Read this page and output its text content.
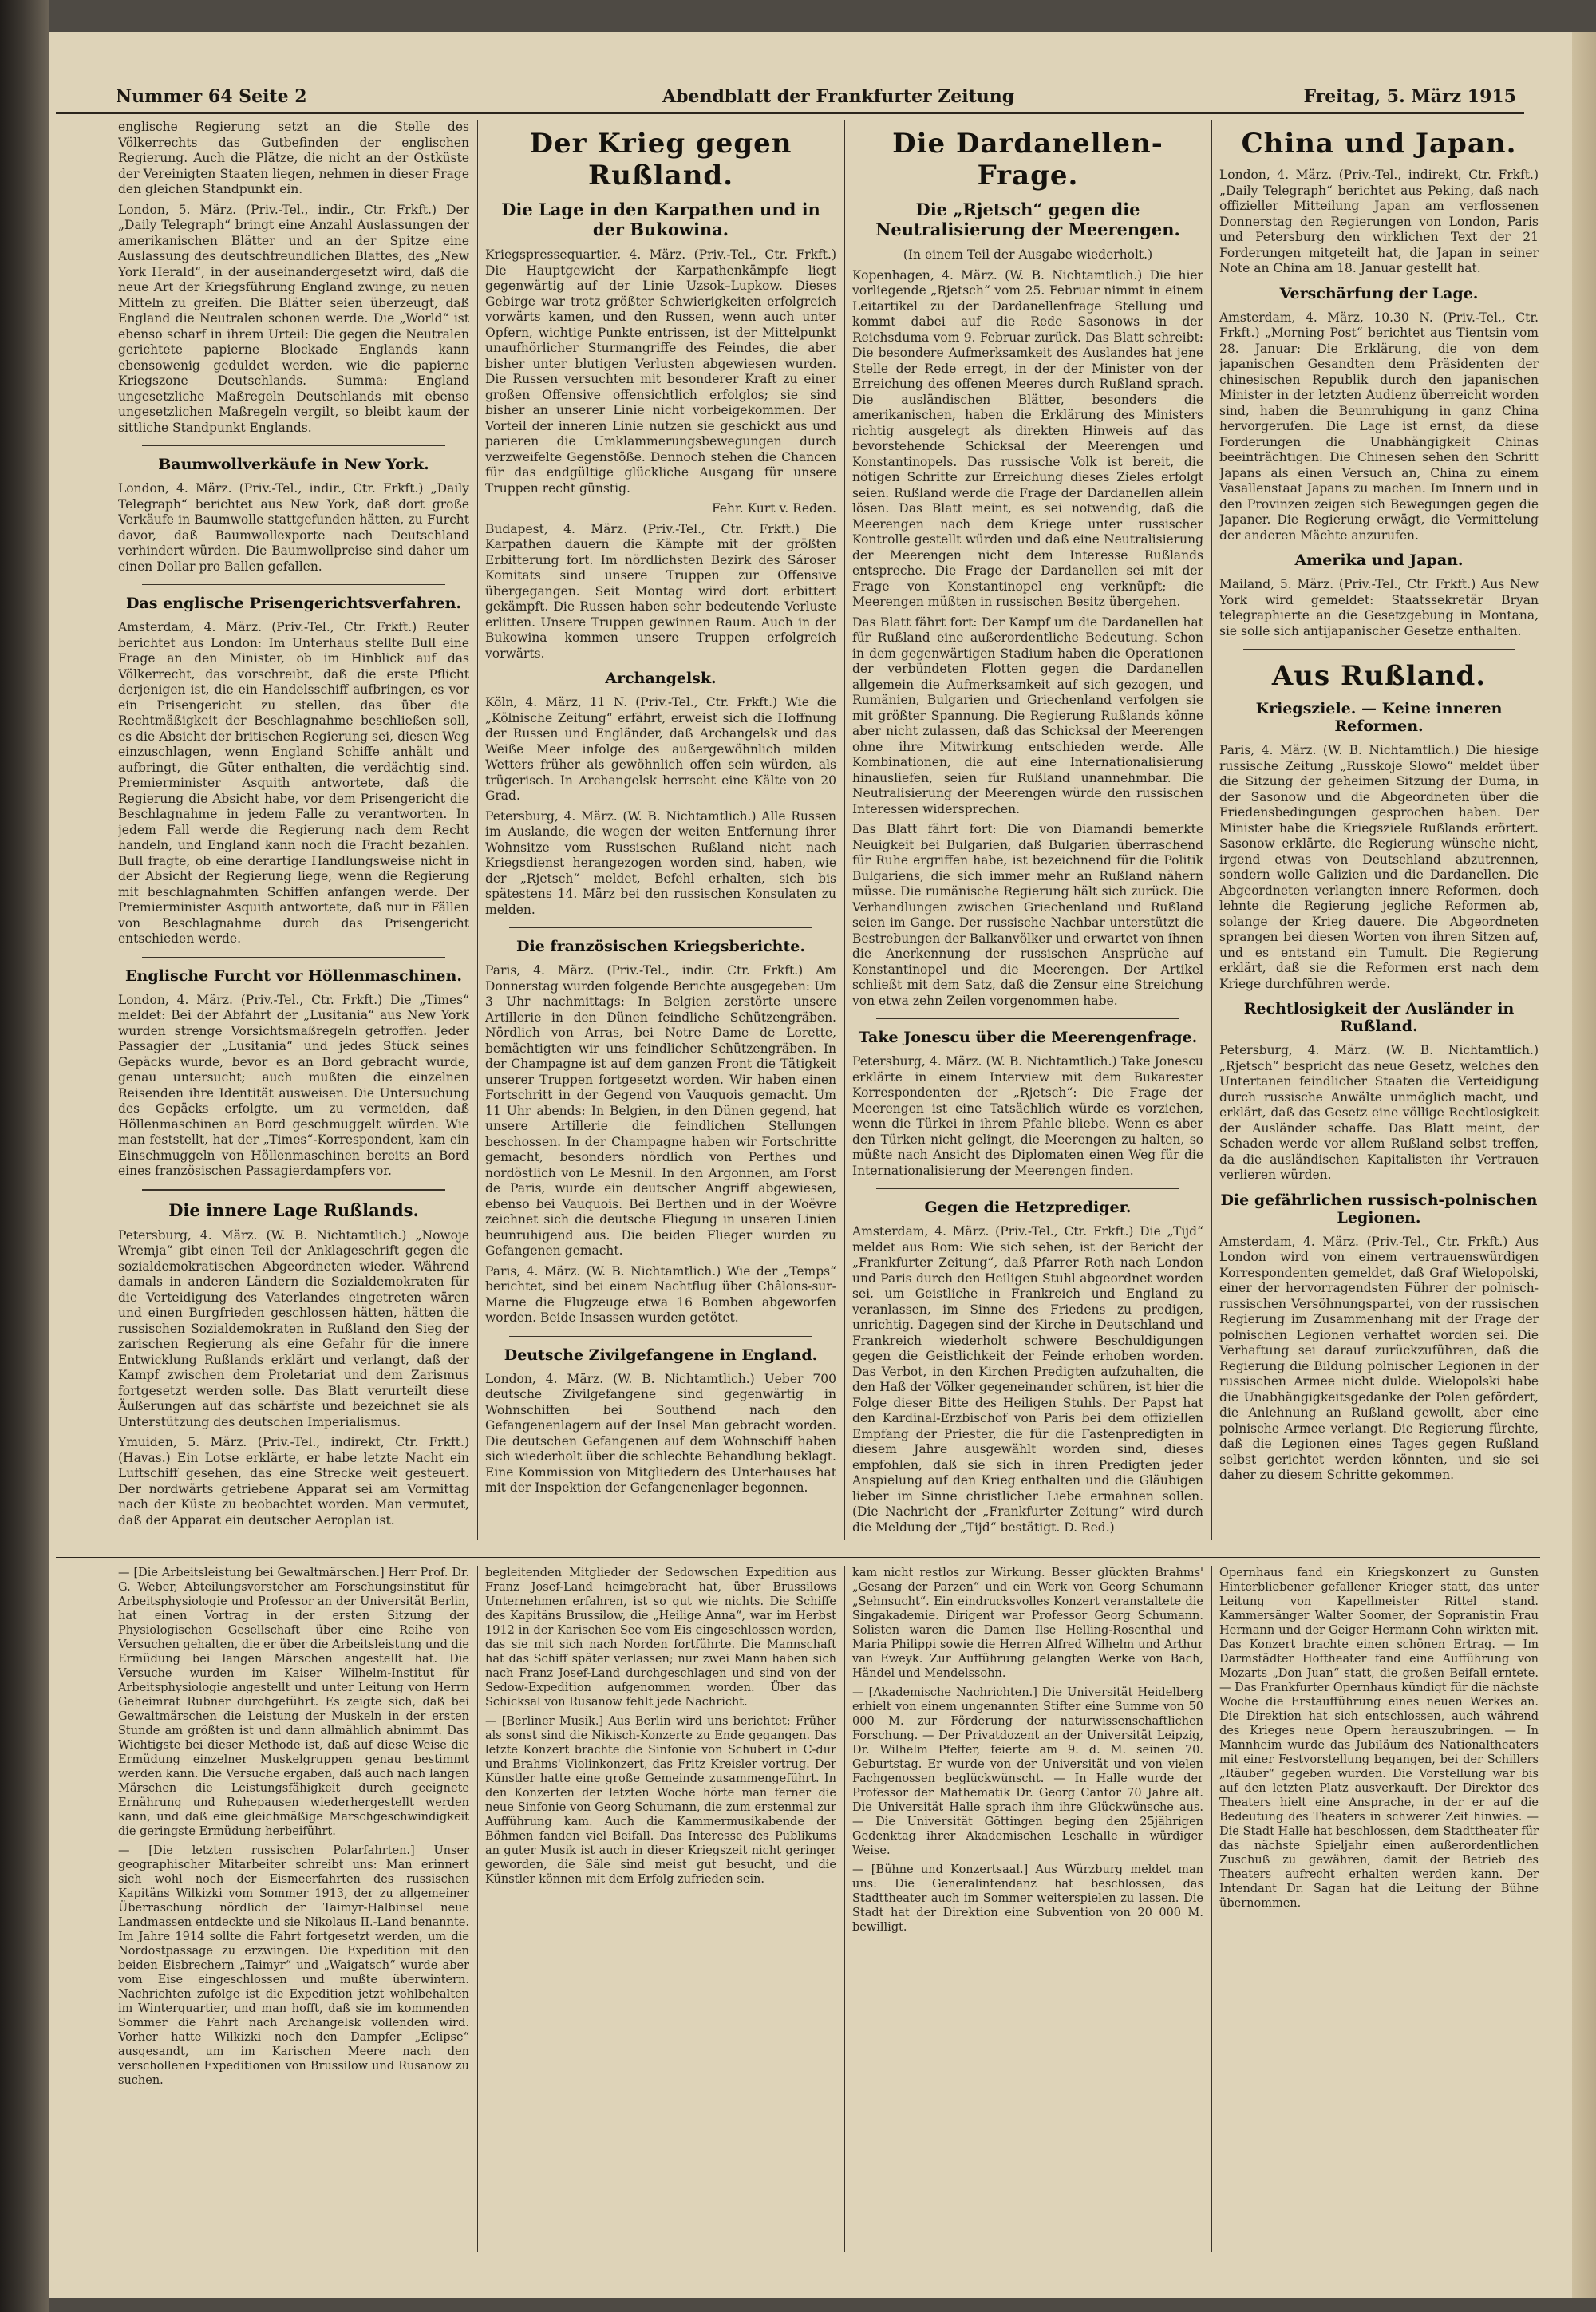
Nummer 64 Seite 2	Abendblatt der Frankfurter Zeitung	Freitag, 5. März 1915

englische Regierung setzt an die Stelle des Völkerrechts das Gutbefinden der englischen Regierung. Auch die Plätze, die nicht an der Ostküste der Vereinigten Staaten liegen, nehmen in dieser Frage den gleichen Standpunkt ein.

London, 5. März. (Priv.-Tel., indir., Ctr. Frkft.) Der „Daily Telegraph“ bringt eine Anzahl Auslassungen der amerikanischen Blätter und an der Spitze eine Auslassung des deutschfreundlichen Blattes, des „New York Herald“, in der auseinandergesetzt wird, daß die neue Art der Kriegsführung England zwinge, zu neuen Mitteln zu greifen. Die Blätter seien überzeugt, daß England die Neutralen schonen werde. Die „World“ ist ebenso scharf in ihrem Urteil: Die gegen die Neutralen gerichtete papierne Blockade Englands kann ebensowenig geduldet werden, wie die papierne Kriegszone Deutschlands. Summa: England ungesetzliche Maßregeln Deutschlands mit ebenso ungesetzlichen Maßregeln vergilt, so bleibt kaum der sittliche Standpunkt Englands.

Baumwollverkäufe in New York.

London, 4. März. (Priv.-Tel., indir., Ctr. Frkft.) „Daily Telegraph“ berichtet aus New York, daß dort große Verkäufe in Baumwolle stattgefunden hätten, zu Furcht davor, daß Baumwollexporte nach Deutschland verhindert würden. Die Baumwollpreise sind daher um einen Dollar pro Ballen gefallen.

Das englische Prisengerichtsverfahren.

Amsterdam, 4. März. (Priv.-Tel., Ctr. Frkft.) Reuter berichtet aus London: Im Unterhaus stellte Bull eine Frage an den Minister, ob im Hinblick auf das Völkerrecht, das vorschreibt, daß die erste Pflicht derjenigen ist, die ein Handelsschiff aufbringen, es vor ein Prisengericht zu stellen, das über die Rechtmäßigkeit der Beschlagnahme beschließen soll, es die Absicht der britischen Regierung sei, diesen Weg einzuschlagen, wenn England Schiffe anhält und aufbringt, die Güter enthalten, die verdächtig sind. Premierminister Asquith antwortete, daß die Regierung die Absicht habe, vor dem Prisengericht die Beschlagnahme in jedem Falle zu verantworten. In jedem Fall werde die Regierung nach dem Recht handeln, und England kann noch die Fracht bezahlen. Bull fragte, ob eine derartige Handlungsweise nicht in der Absicht der Regierung liege, wenn die Regierung mit beschlagnahmten Schiffen anfangen werde. Der Premierminister Asquith antwortete, daß nur in Fällen von Beschlagnahme durch das Prisengericht entschieden werde.

Englische Furcht vor Höllenmaschinen.

London, 4. März. (Priv.-Tel., Ctr. Frkft.) Die „Times“ meldet: Bei der Abfahrt der „Lusitania“ aus New York wurden strenge Vorsichtsmaßregeln getroffen. Jeder Passagier der „Lusitania“ und jedes Stück seines Gepäcks wurde, bevor es an Bord gebracht wurde, genau untersucht; auch mußten die einzelnen Reisenden ihre Identität ausweisen. Die Untersuchung des Gepäcks erfolgte, um zu vermeiden, daß Höllenmaschinen an Bord geschmuggelt würden. Wie man feststellt, hat der „Times“-Korrespondent, kam ein Einschmuggeln von Höllenmaschinen bereits an Bord eines französischen Passagierdampfers vor.

Die innere Lage Rußlands.

Petersburg, 4. März. (W. B. Nichtamtlich.) „Nowoje Wremja“ gibt einen Teil der Anklageschrift gegen die sozialdemokratischen Abgeordneten wieder. Während damals in anderen Ländern die Sozialdemokraten für die Verteidigung des Vaterlandes eingetreten wären und einen Burgfrieden geschlossen hätten, hätten die russischen Sozialdemokraten in Rußland den Sieg der zarischen Regierung als eine Gefahr für die innere Entwicklung Rußlands erklärt und verlangt, daß der Kampf zwischen dem Proletariat und dem Zarismus fortgesetzt werden solle. Das Blatt verurteilt diese Äußerungen auf das schärfste und bezeichnet sie als Unterstützung des deutschen Imperialismus.

Ymuiden, 5. März. (Priv.-Tel., indirekt, Ctr. Frkft.) (Havas.) Ein Lotse erklärte, er habe letzte Nacht ein Luftschiff gesehen, das eine Strecke weit gesteuert. Der nordwärts getriebene Apparat sei am Vormittag nach der Küste zu beobachtet worden. Man vermutet, daß der Apparat ein deutscher Aeroplan ist.

Der Krieg gegen Rußland.
Die Lage in den Karpathen und in der Bukowina.

Kriegspressequartier, 4. März. (Priv.-Tel., Ctr. Frkft.) Die Hauptgewicht der Karpathenkämpfe liegt gegenwärtig auf der Linie Uzsok–Lupkow. Dieses Gebirge war trotz größter Schwierigkeiten erfolgreich vorwärts kamen, und den Russen, wenn auch unter Opfern, wichtige Punkte entrissen, ist der Mittelpunkt unaufhörlicher Sturmangriffe des Feindes, die aber bisher unter blutigen Verlusten abgewiesen wurden. Die Russen versuchten mit besonderer Kraft zu einer großen Offensive offensichtlich erfolglos; sie sind bisher an unserer Linie nicht vorbeigekommen. Der Vorteil der inneren Linie nutzen sie geschickt aus und parieren die Umklammerungsbewegungen durch verzweifelte Gegenstöße. Dennoch stehen die Chancen für das endgültige glückliche Ausgang für unsere Truppen recht günstig.

Fehr. Kurt v. Reden.

Budapest, 4. März. (Priv.-Tel., Ctr. Frkft.) Die Karpathen dauern die Kämpfe mit der größten Erbitterung fort. Im nördlichsten Bezirk des Sároser Komitats sind unsere Truppen zur Offensive übergegangen. Seit Montag wird dort erbittert gekämpft. Die Russen haben sehr bedeutende Verluste erlitten. Unsere Truppen gewinnen Raum. Auch in der Bukowina kommen unsere Truppen erfolgreich vorwärts.

Archangelsk.

Köln, 4. März, 11 N. (Priv.-Tel., Ctr. Frkft.) Wie die „Kölnische Zeitung“ erfährt, erweist sich die Hoffnung der Russen und Engländer, daß Archangelsk und das Weiße Meer infolge des außergewöhnlich milden Wetters früher als gewöhnlich offen sein würden, als trügerisch. In Archangelsk herrscht eine Kälte von 20 Grad.

Petersburg, 4. März. (W. B. Nichtamtlich.) Alle Russen im Auslande, die wegen der weiten Entfernung ihrer Wohnsitze vom Russischen Rußland nicht nach Kriegsdienst herangezogen worden sind, haben, wie der „Rjetsch“ meldet, Befehl erhalten, sich bis spätestens 14. März bei den russischen Konsulaten zu melden.

Die französischen Kriegsberichte.

Paris, 4. März. (Priv.-Tel., indir. Ctr. Frkft.) Am Donnerstag wurden folgende Berichte ausgegeben: Um 3 Uhr nachmittags: In Belgien zerstörte unsere Artillerie in den Dünen feindliche Schützengräben. Nördlich von Arras, bei Notre Dame de Lorette, bemächtigten wir uns feindlicher Schützengräben. In der Champagne ist auf dem ganzen Front die Tätigkeit unserer Truppen fortgesetzt worden. Wir haben einen Fortschritt in der Gegend von Vauquois gemacht. Um 11 Uhr abends: In Belgien, in den Dünen gegend, hat unsere Artillerie die feindlichen Stellungen beschossen. In der Champagne haben wir Fortschritte gemacht, besonders nördlich von Perthes und nordöstlich von Le Mesnil. In den Argonnen, am Forst de Paris, wurde ein deutscher Angriff abgewiesen, ebenso bei Vauquois. Bei Berthen und in der Woëvre zeichnet sich die deutsche Fliegung in unseren Linien beunruhigend aus. Die beiden Flieger wurden zu Gefangenen gemacht.

Paris, 4. März. (W. B. Nichtamtlich.) Wie der „Temps“ berichtet, sind bei einem Nachtflug über Châlons-sur-Marne die Flugzeuge etwa 16 Bomben abgeworfen worden. Beide Insassen wurden getötet.

Deutsche Zivilgefangene in England.

London, 4. März. (W. B. Nichtamtlich.) Ueber 700 deutsche Zivilgefangene sind gegenwärtig in Wohnschiffen bei Southend nach den Gefangenenlagern auf der Insel Man gebracht worden. Die deutschen Gefangenen auf dem Wohnschiff haben sich wiederholt über die schlechte Behandlung beklagt. Eine Kommission von Mitgliedern des Unterhauses hat mit der Inspektion der Gefangenenlager begonnen.

Die Dardanellen-Frage.
Die „Rjetsch“ gegen die Neutralisierung der Meerengen.

(In einem Teil der Ausgabe wiederholt.)

Kopenhagen, 4. März. (W. B. Nichtamtlich.) Die hier vorliegende „Rjetsch“ vom 25. Februar nimmt in einem Leitartikel zu der Dardanellenfrage Stellung und kommt dabei auf die Rede Sasonows in der Reichsduma vom 9. Februar zurück. Das Blatt schreibt: Die besondere Aufmerksamkeit des Auslandes hat jene Stelle der Rede erregt, in der der Minister von der Erreichung des offenen Meeres durch Rußland sprach. Die ausländischen Blätter, besonders die amerikanischen, haben die Erklärung des Ministers richtig ausgelegt als direkten Hinweis auf das bevorstehende Schicksal der Meerengen und Konstantinopels. Das russische Volk ist bereit, die nötigen Schritte zur Erreichung dieses Zieles erfolgt seien. Rußland werde die Frage der Dardanellen allein lösen. Das Blatt meint, es sei notwendig, daß die Meerengen nach dem Kriege unter russischer Kontrolle gestellt würden und daß eine Neutralisierung der Meerengen nicht dem Interesse Rußlands entspreche. Die Frage der Dardanellen sei mit der Frage von Konstantinopel eng verknüpft; die Meerengen müßten in russischen Besitz übergehen.

Das Blatt fährt fort: Der Kampf um die Dardanellen hat für Rußland eine außerordentliche Bedeutung. Schon in dem gegenwärtigen Stadium haben die Operationen der verbündeten Flotten gegen die Dardanellen allgemein die Aufmerksamkeit auf sich gezogen, und Rumänien, Bulgarien und Griechenland verfolgen sie mit größter Spannung. Die Regierung Rußlands könne aber nicht zulassen, daß das Schicksal der Meerengen ohne ihre Mitwirkung entschieden werde. Alle Kombinationen, die auf eine Internationalisierung hinausliefen, seien für Rußland unannehmbar. Die Neutralisierung der Meerengen würde den russischen Interessen widersprechen.

Das Blatt fährt fort: Die von Diamandi bemerkte Neuigkeit bei Bulgarien, daß Bulgarien überraschend für Ruhe ergriffen habe, ist bezeichnend für die Politik Bulgariens, die sich immer mehr an Rußland nähern müsse. Die rumänische Regierung hält sich zurück. Die Verhandlungen zwischen Griechenland und Rußland seien im Gange. Der russische Nachbar unterstützt die Bestrebungen der Balkanvölker und erwartet von ihnen die Anerkennung der russischen Ansprüche auf Konstantinopel und die Meerengen. Der Artikel schließt mit dem Satz, daß die Zensur eine Streichung von etwa zehn Zeilen vorgenommen habe.

Take Jonescu über die Meerengenfrage.

Petersburg, 4. März. (W. B. Nichtamtlich.) Take Jonescu erklärte in einem Interview mit dem Bukarester Korrespondenten der „Rjetsch“: Die Frage der Meerengen ist eine Tatsächlich würde es vorziehen, wenn die Türkei in ihrem Pfahle bliebe. Wenn es aber den Türken nicht gelingt, die Meerengen zu halten, so müßte nach Ansicht des Diplomaten einen Weg für die Internationalisierung der Meerengen finden.

Gegen die Hetzprediger.

Amsterdam, 4. März. (Priv.-Tel., Ctr. Frkft.) Die „Tijd“ meldet aus Rom: Wie sich sehen, ist der Bericht der „Frankfurter Zeitung“, daß Pfarrer Roth nach London und Paris durch den Heiligen Stuhl abgeordnet worden sei, um Geistliche in Frankreich und England zu veranlassen, im Sinne des Friedens zu predigen, unrichtig. Dagegen sind der Kirche in Deutschland und Frankreich wiederholt schwere Beschuldigungen gegen die Geistlichkeit der Feinde erhoben worden. Das Verbot, in den Kirchen Predigten aufzuhalten, die den Haß der Völker gegeneinander schüren, ist hier die Folge dieser Bitte des Heiligen Stuhls. Der Papst hat den Kardinal-Erzbischof von Paris bei dem offiziellen Empfang der Priester, die für die Fastenpredigten in diesem Jahre ausgewählt worden sind, dieses empfohlen, daß sie sich in ihren Predigten jeder Anspielung auf den Krieg enthalten und die Gläubigen lieber im Sinne christlicher Liebe ermahnen sollen. (Die Nachricht der „Frankfurter Zeitung“ wird durch die Meldung der „Tijd“ bestätigt. D. Red.)

China und Japan.

London, 4. März. (Priv.-Tel., indirekt, Ctr. Frkft.) „Daily Telegraph“ berichtet aus Peking, daß nach offizieller Mitteilung Japan am verflossenen Donnerstag den Regierungen von London, Paris und Petersburg den wirklichen Text der 21 Forderungen mitgeteilt hat, die Japan in seiner Note an China am 18. Januar gestellt hat.

Verschärfung der Lage.

Amsterdam, 4. März, 10.30 N. (Priv.-Tel., Ctr. Frkft.) „Morning Post“ berichtet aus Tientsin vom 28. Januar: Die Erklärung, die von dem japanischen Gesandten dem Präsidenten der chinesischen Republik durch den japanischen Minister in der letzten Audienz überreicht worden sind, haben die Beunruhigung in ganz China hervorgerufen. Die Lage ist ernst, da diese Forderungen die Unabhängigkeit Chinas beeinträchtigen. Die Chinesen sehen den Schritt Japans als einen Versuch an, China zu einem Vasallenstaat Japans zu machen. Im Innern und in den Provinzen zeigen sich Bewegungen gegen die Japaner. Die Regierung erwägt, die Vermittelung der anderen Mächte anzurufen.

Amerika und Japan.

Mailand, 5. März. (Priv.-Tel., Ctr. Frkft.) Aus New York wird gemeldet: Staatssekretär Bryan telegraphierte an die Gesetzgebung in Montana, sie solle sich antijapanischer Gesetze enthalten.

Aus Rußland.
Kriegsziele. — Keine inneren Reformen.

Paris, 4. März. (W. B. Nichtamtlich.) Die hiesige russische Zeitung „Russkoje Slowo“ meldet über die Sitzung der geheimen Sitzung der Duma, in der Sasonow und die Abgeordneten über die Friedensbedingungen gesprochen haben. Der Minister habe die Kriegsziele Rußlands erörtert. Sasonow erklärte, die Regierung wünsche nicht, irgend etwas von Deutschland abzutrennen, sondern wolle Galizien und die Dardanellen. Die Abgeordneten verlangten innere Reformen, doch lehnte die Regierung jegliche Reformen ab, solange der Krieg dauere. Die Abgeordneten sprangen bei diesen Worten von ihren Sitzen auf, und es entstand ein Tumult. Die Regierung erklärt, daß sie die Reformen erst nach dem Kriege durchführen werde.

Rechtlosigkeit der Ausländer in Rußland.

Petersburg, 4. März. (W. B. Nichtamtlich.) „Rjetsch“ bespricht das neue Gesetz, welches den Untertanen feindlicher Staaten die Verteidigung durch russische Anwälte unmöglich macht, und erklärt, daß das Gesetz eine völlige Rechtlosigkeit der Ausländer schaffe. Das Blatt meint, der Schaden werde vor allem Rußland selbst treffen, da die ausländischen Kapitalisten ihr Vertrauen verlieren würden.

Die gefährlichen russisch-polnischen Legionen.

Amsterdam, 4. März. (Priv.-Tel., Ctr. Frkft.) Aus London wird von einem vertrauenswürdigen Korrespondenten gemeldet, daß Graf Wielopolski, einer der hervorragendsten Führer der polnisch-russischen Versöhnungspartei, von der russischen Regierung im Zusammenhang mit der Frage der polnischen Legionen verhaftet worden sei. Die Verhaftung sei darauf zurückzuführen, daß die Regierung die Bildung polnischer Legionen in der russischen Armee nicht dulde. Wielopolski habe die Unabhängigkeitsgedanke der Polen gefördert, die Anlehnung an Rußland gewollt, aber eine polnische Armee verlangt. Die Regierung fürchte, daß die Legionen eines Tages gegen Rußland selbst gerichtet werden könnten, und sie sei daher zu diesem Schritte gekommen.

— [Die Arbeitsleistung bei Gewaltmärschen.] Herr Prof. Dr. G. Weber, Abteilungsvorsteher am Forschungsinstitut für Arbeitsphysiologie und Professor an der Universität Berlin, hat einen Vortrag in der ersten Sitzung der Physiologischen Gesellschaft über eine Reihe von Versuchen gehalten, die er über die Arbeitsleistung und die Ermüdung bei langen Märschen angestellt hat. Die Versuche wurden im Kaiser Wilhelm-Institut für Arbeitsphysiologie angestellt und unter Leitung von Herrn Geheimrat Rubner durchgeführt. Es zeigte sich, daß bei Gewaltmärschen die Leistung der Muskeln in der ersten Stunde am größten ist und dann allmählich abnimmt. Das Wichtigste bei dieser Methode ist, daß auf diese Weise die Ermüdung einzelner Muskelgruppen genau bestimmt werden kann. Die Versuche ergaben, daß auch nach langen Märschen die Leistungsfähigkeit durch geeignete Ernährung und Ruhepausen wiederhergestellt werden kann, und daß eine gleichmäßige Marschgeschwindigkeit die geringste Ermüdung herbeiführt.

— [Die letzten russischen Polarfahrten.] Unser geographischer Mitarbeiter schreibt uns: Man erinnert sich wohl noch der Eismeerfahrten des russischen Kapitäns Wilkizki vom Sommer 1913, der zu allgemeiner Überraschung nördlich der Taimyr-Halbinsel neue Landmassen entdeckte und sie Nikolaus II.-Land benannte. Im Jahre 1914 sollte die Fahrt fortgesetzt werden, um die Nordostpassage zu erzwingen. Die Expedition mit den beiden Eisbrechern „Taimyr“ und „Waigatsch“ wurde aber vom Eise eingeschlossen und mußte überwintern. Nachrichten zufolge ist die Expedition jetzt wohlbehalten im Winterquartier, und man hofft, daß sie im kommenden Sommer die Fahrt nach Archangelsk vollenden wird. Vorher hatte Wilkizki noch den Dampfer „Eclipse“ ausgesandt, um im Karischen Meere nach den verschollenen Expeditionen von Brussilow und Rusanow zu suchen.

begleitenden Mitglieder der Sedowschen Expedition aus Franz Josef-Land heimgebracht hat, über Brussilows Unternehmen erfahren, ist so gut wie nichts. Die Schiffe des Kapitäns Brussilow, die „Heilige Anna“, war im Herbst 1912 in der Karischen See vom Eis eingeschlossen worden, das sie mit sich nach Norden fortführte. Die Mannschaft hat das Schiff später verlassen; nur zwei Mann haben sich nach Franz Josef-Land durchgeschlagen und sind von der Sedow-Expedition aufgenommen worden. Über das Schicksal von Rusanow fehlt jede Nachricht.

— [Berliner Musik.] Aus Berlin wird uns berichtet: Früher als sonst sind die Nikisch-Konzerte zu Ende gegangen. Das letzte Konzert brachte die Sinfonie von Schubert in C-dur und Brahms' Violinkonzert, das Fritz Kreisler vortrug. Der Künstler hatte eine große Gemeinde zusammengeführt. In den Konzerten der letzten Woche hörte man ferner die neue Sinfonie von Georg Schumann, die zum erstenmal zur Aufführung kam. Auch die Kammermusikabende der Böhmen fanden viel Beifall. Das Interesse des Publikums an guter Musik ist auch in dieser Kriegszeit nicht geringer geworden, die Säle sind meist gut besucht, und die Künstler können mit dem Erfolg zufrieden sein.

kam nicht restlos zur Wirkung. Besser glückten Brahms' „Gesang der Parzen“ und ein Werk von Georg Schumann „Sehnsucht“. Ein eindrucksvolles Konzert veranstaltete die Singakademie. Dirigent war Professor Georg Schumann. Solisten waren die Damen Ilse Helling-Rosenthal und Maria Philippi sowie die Herren Alfred Wilhelm und Arthur van Eweyk. Zur Aufführung gelangten Werke von Bach, Händel und Mendelssohn.

— [Akademische Nachrichten.] Die Universität Heidelberg erhielt von einem ungenannten Stifter eine Summe von 50 000 M. zur Förderung der naturwissenschaftlichen Forschung. — Der Privatdozent an der Universität Leipzig, Dr. Wilhelm Pfeffer, feierte am 9. d. M. seinen 70. Geburtstag. Er wurde von der Universität und von vielen Fachgenossen beglückwünscht. — In Halle wurde der Professor der Mathematik Dr. Georg Cantor 70 Jahre alt. Die Universität Halle sprach ihm ihre Glückwünsche aus. — Die Universität Göttingen beging den 25jährigen Gedenktag ihrer Akademischen Lesehalle in würdiger Weise.

— [Bühne und Konzertsaal.] Aus Würzburg meldet man uns: Die Generalintendanz hat beschlossen, das Stadttheater auch im Sommer weiterspielen zu lassen. Die Stadt hat der Direktion eine Subvention von 20 000 M. bewilligt.

Opernhaus fand ein Kriegskonzert zu Gunsten Hinterbliebener gefallener Krieger statt, das unter Leitung von Kapellmeister Rittel stand. Kammersänger Walter Soomer, der Sopranistin Frau Hermann und der Geiger Hermann Cohn wirkten mit. Das Konzert brachte einen schönen Ertrag. — Im Darmstädter Hoftheater fand eine Aufführung von Mozarts „Don Juan“ statt, die großen Beifall erntete. — Das Frankfurter Opernhaus kündigt für die nächste Woche die Erstaufführung eines neuen Werkes an. Die Direktion hat sich entschlossen, auch während des Krieges neue Opern herauszubringen. — In Mannheim wurde das Jubiläum des Nationaltheaters mit einer Festvorstellung begangen, bei der Schillers „Räuber“ gegeben wurden. Die Vorstellung war bis auf den letzten Platz ausverkauft. Der Direktor des Theaters hielt eine Ansprache, in der er auf die Bedeutung des Theaters in schwerer Zeit hinwies. — Die Stadt Halle hat beschlossen, dem Stadttheater für das nächste Spieljahr einen außerordentlichen Zuschuß zu gewähren, damit der Betrieb des Theaters aufrecht erhalten werden kann. Der Intendant Dr. Sagan hat die Leitung der Bühne übernommen.
